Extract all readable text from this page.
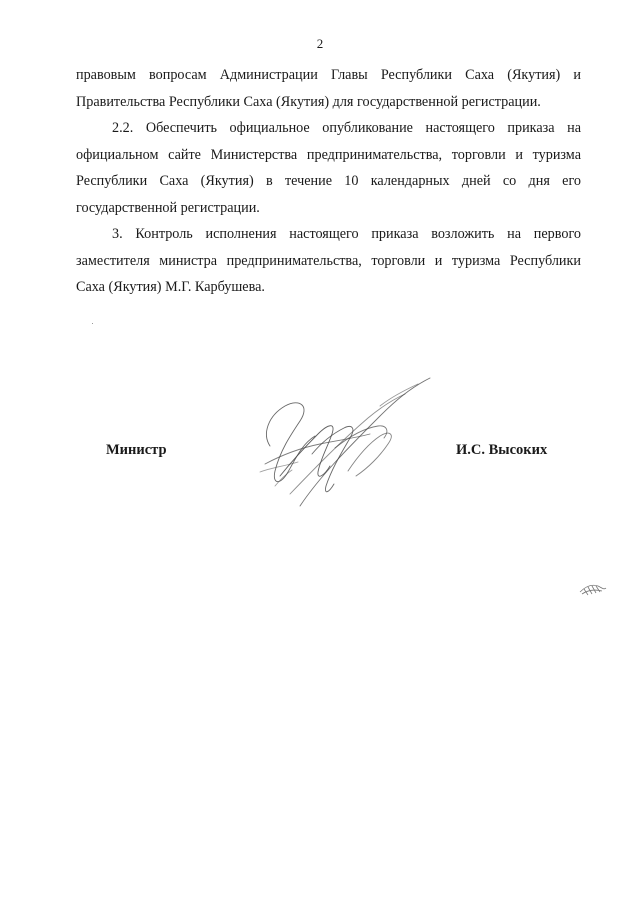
2
правовым вопросам Администрации Главы Республики Саха (Якутия) и
Правительства Республики Саха (Якутия) для государственной регистрации.
2.2. Обеспечить официальное опубликование настоящего приказа на
официальном сайте Министерства предпринимательства, торговли и туризма
Республики Саха (Якутия) в течение 10 календарных дней со дня его
государственной регистрации.
3. Контроль исполнения настоящего приказа возложить на первого
заместителя министра предпринимательства, торговли и туризма Республики
Саха (Якутия) М.Г. Карбушева.
Министр	И.С. Высоких
